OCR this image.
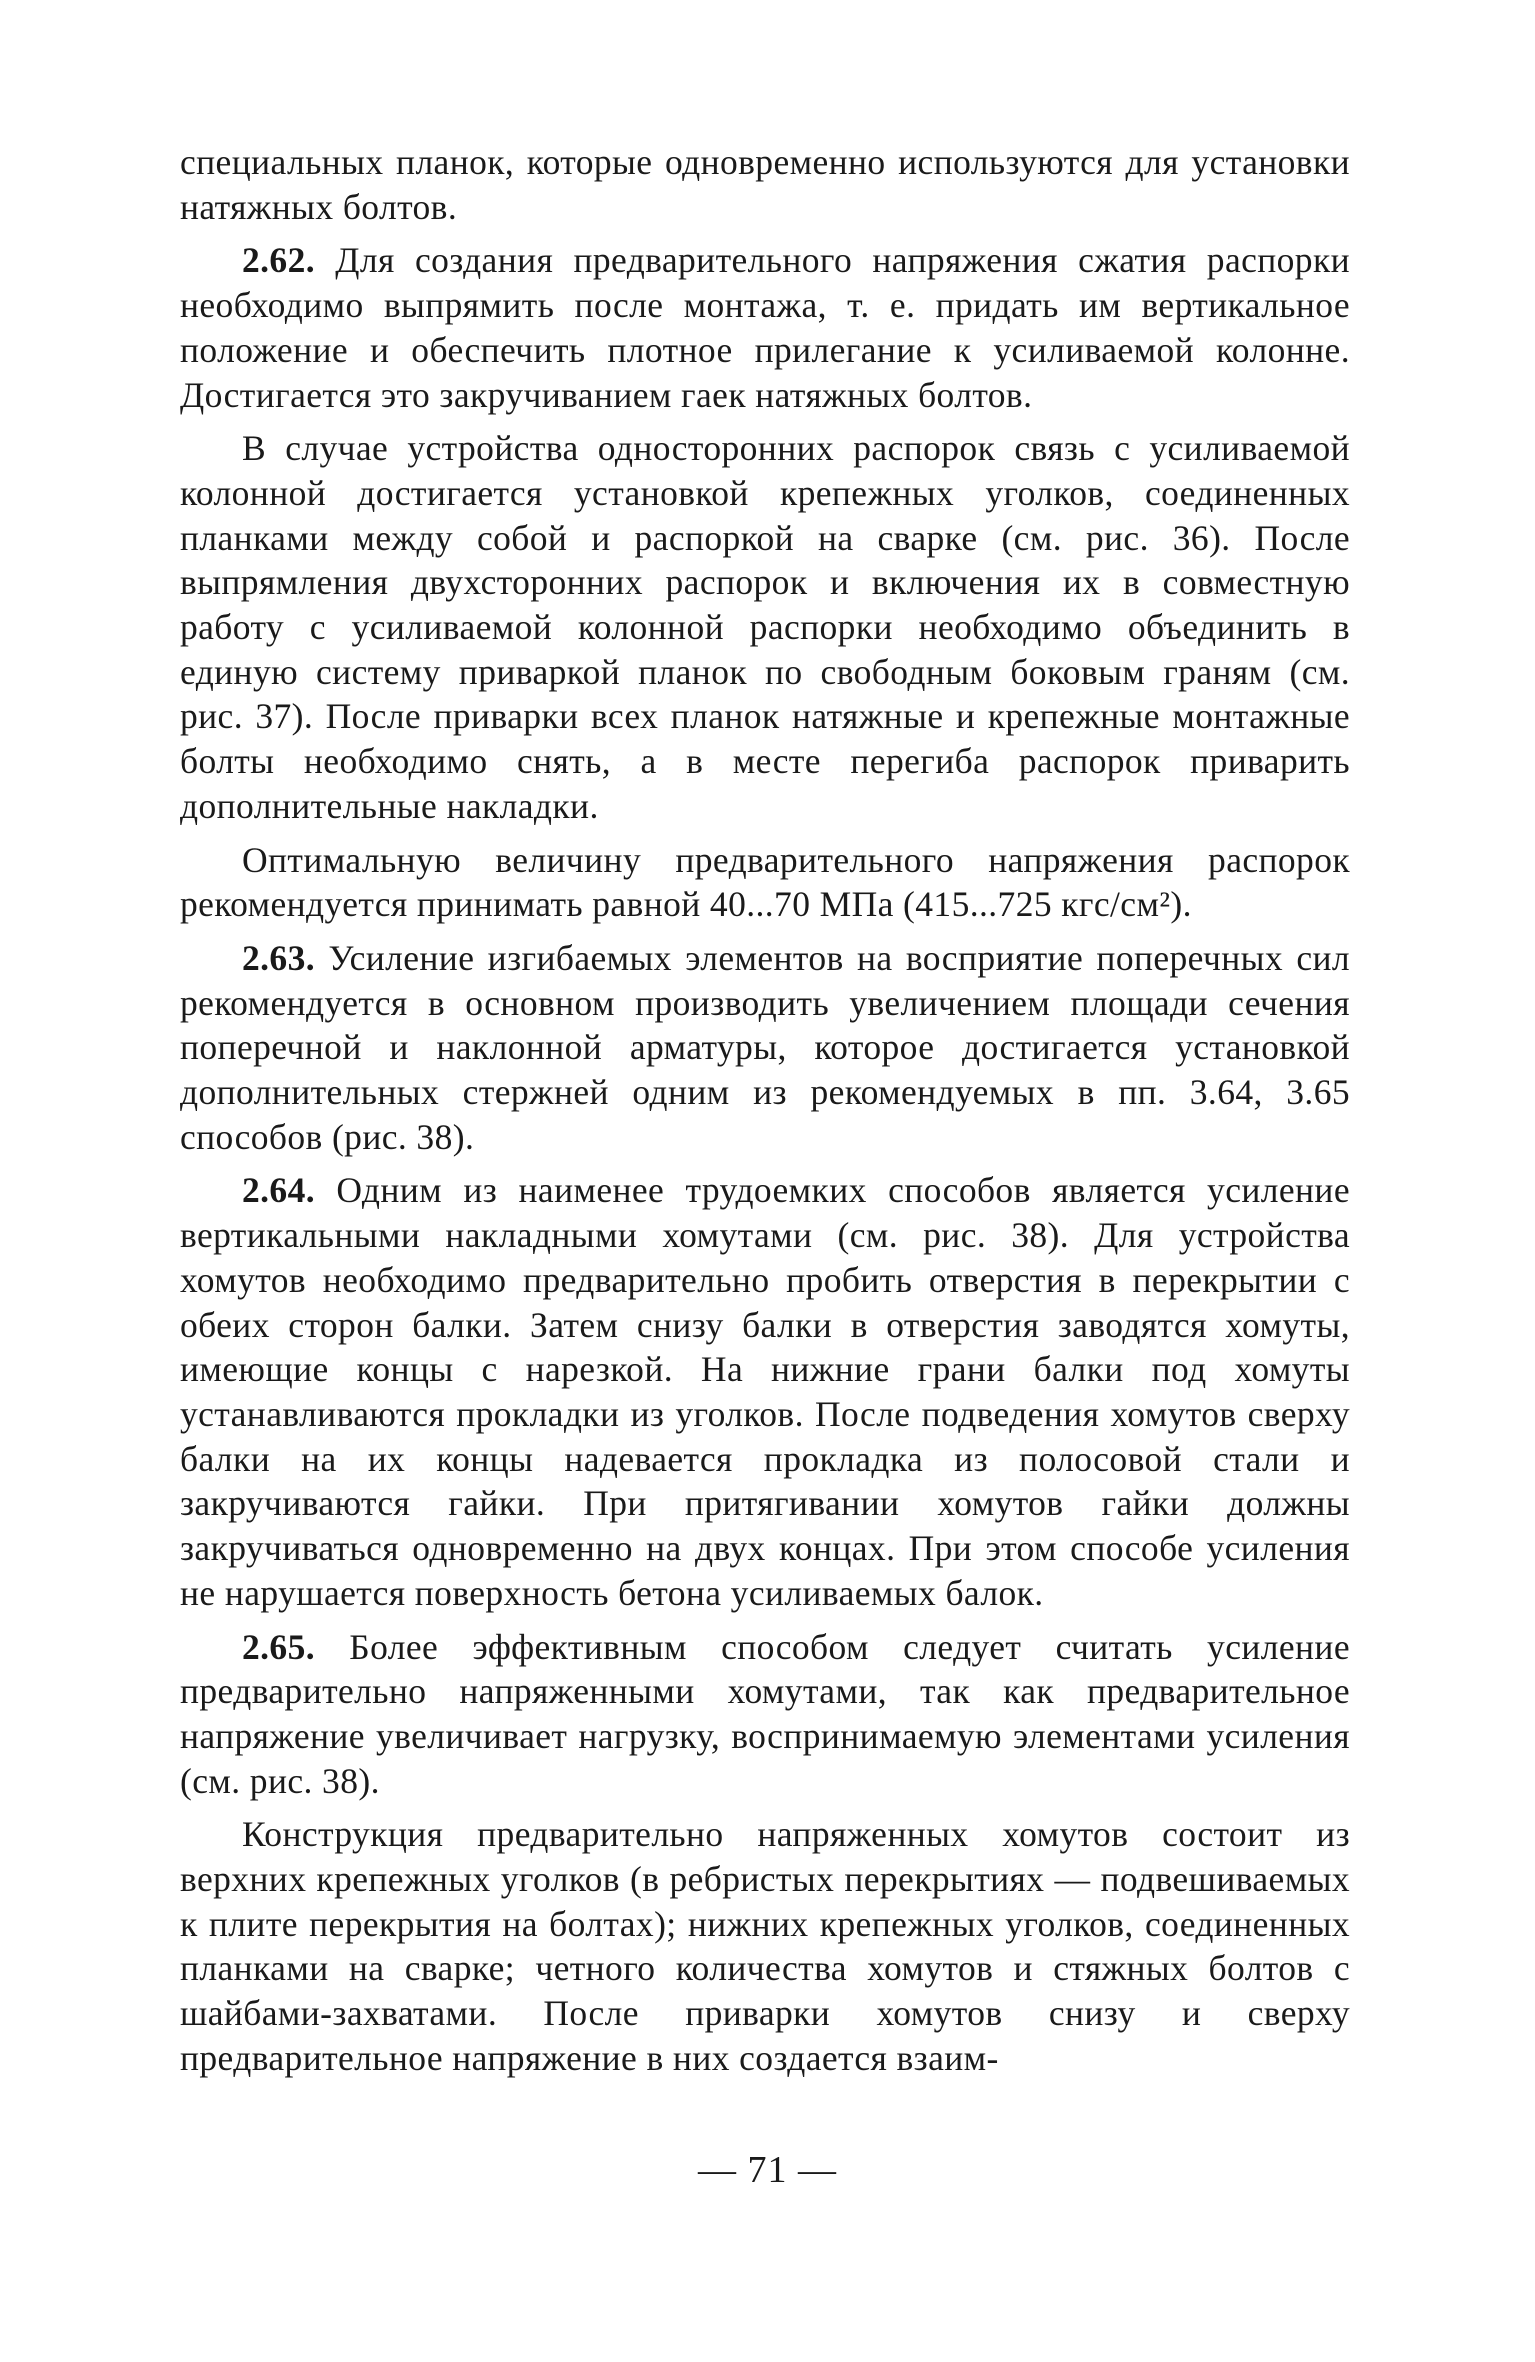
специальных планок, которые одновременно используются для установки натяжных болтов.

2.62. Для создания предварительного напряжения сжатия распорки необходимо выпрямить после монтажа, т. е. придать им вертикальное положение и обеспечить плотное прилегание к усиливаемой колонне. Достигается это закручиванием гаек натяжных болтов.

В случае устройства односторонних распорок связь с усиливаемой колонной достигается установкой крепежных уголков, соединенных планками между собой и распоркой на сварке (см. рис. 36). После выпрямления двухсторонних распорок и включения их в совместную работу с усиливаемой колонной распорки необходимо объединить в единую систему приваркой планок по свободным боковым граням (см. рис. 37). После приварки всех планок натяжные и крепежные монтажные болты необходимо снять, а в месте перегиба распорок приварить дополнительные накладки.

Оптимальную величину предварительного напряжения распорок рекомендуется принимать равной 40...70 МПа (415...725 кгс/см²).

2.63. Усиление изгибаемых элементов на восприятие поперечных сил рекомендуется в основном производить увеличением площади сечения поперечной и наклонной арматуры, которое достигается установкой дополнительных стержней одним из рекомендуемых в пп. 3.64, 3.65 способов (рис. 38).

2.64. Одним из наименее трудоемких способов является усиление вертикальными накладными хомутами (см. рис. 38). Для устройства хомутов необходимо предварительно пробить отверстия в перекрытии с обеих сторон балки. Затем снизу балки в отверстия заводятся хомуты, имеющие концы с нарезкой. На нижние грани балки под хомуты устанавливаются прокладки из уголков. После подведения хомутов сверху балки на их концы надевается прокладка из полосовой стали и закручиваются гайки. При притягивании хомутов гайки должны закручиваться одновременно на двух концах. При этом способе усиления не нарушается поверхность бетона усиливаемых балок.

2.65. Более эффективным способом следует считать усиление предварительно напряженными хомутами, так как предварительное напряжение увеличивает нагрузку, воспринимаемую элементами усиления (см. рис. 38).

Конструкция предварительно напряженных хомутов состоит из верхних крепежных уголков (в ребристых перекрытиях — подвешиваемых к плите перекрытия на болтах); нижних крепежных уголков, соединенных планками на сварке; четного количества хомутов и стяжных болтов с шайбами-захватами. После приварки хомутов снизу и сверху предварительное напряжение в них создается взаим-

— 71 —
